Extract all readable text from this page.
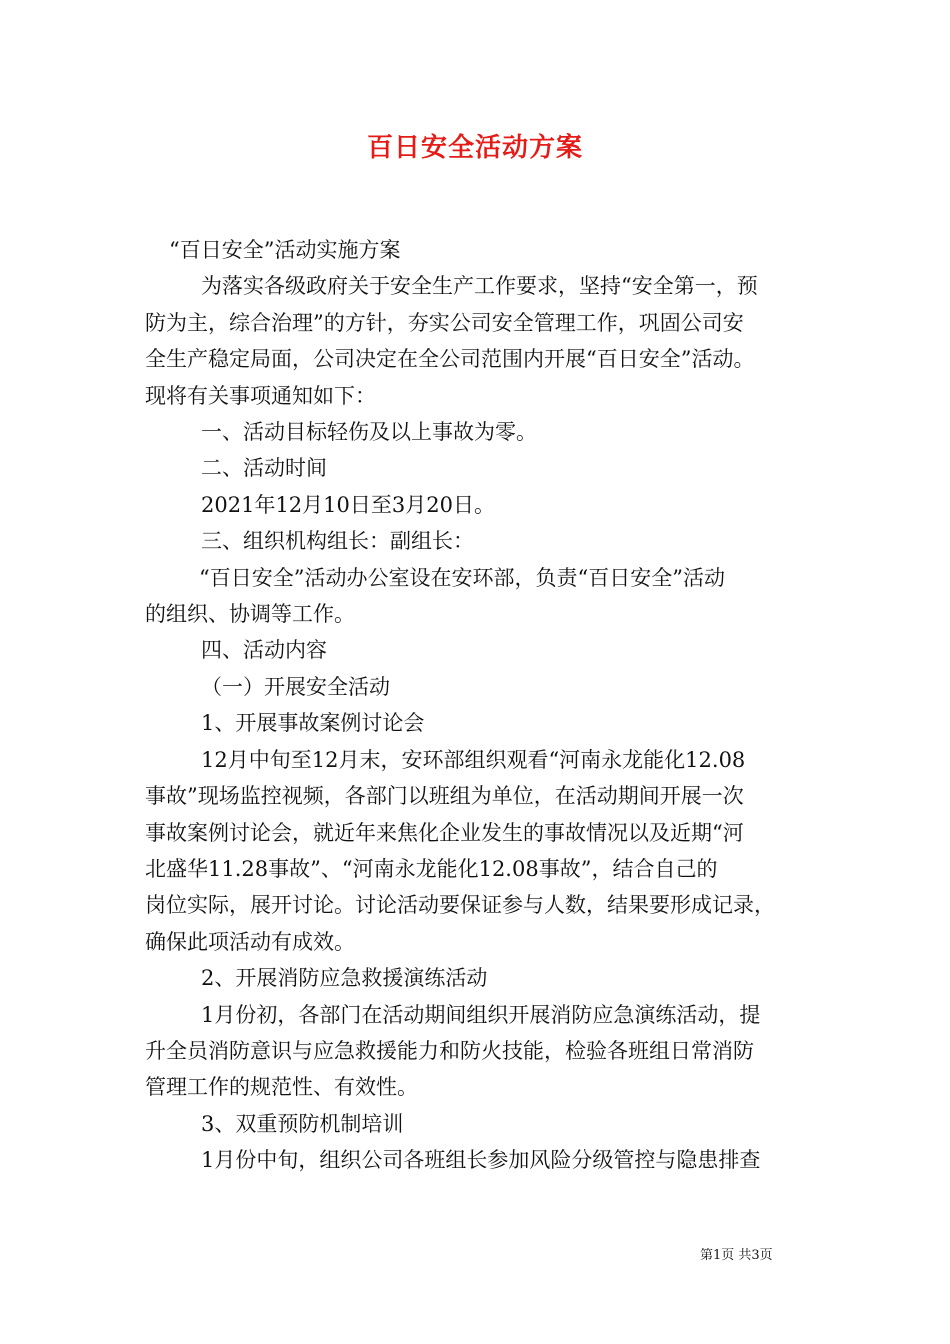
百日安全活动方案

“百日安全”活动实施方案

为落实各级政府关于安全生产工作要求，坚持“安全第一，预

防为主，综合治理”的方针，夯实公司安全管理工作，巩固公司安

全生产稳定局面，公司决定在全公司范围内开展“百日安全”活动。

现将有关事项通知如下：

一、活动目标轻伤及以上事故为零。

二、活动时间

2021年12月10日至3月20日。

三、组织机构组长：副组长：

“百日安全”活动办公室设在安环部，负责“百日安全”活动

的组织、协调等工作。

四、活动内容

（一）开展安全活动

1、开展事故案例讨论会

12月中旬至12月末，安环部组织观看“河南永龙能化12.08

事故”现场监控视频，各部门以班组为单位，在活动期间开展一次

事故案例讨论会，就近年来焦化企业发生的事故情况以及近期“河

北盛华11.28事故”、“河南永龙能化12.08事故”，结合自己的

岗位实际，展开讨论。讨论活动要保证参与人数，结果要形成记录，

确保此项活动有成效。

2、开展消防应急救援演练活动

1月份初，各部门在活动期间组织开展消防应急演练活动，提

升全员消防意识与应急救援能力和防火技能，检验各班组日常消防

管理工作的规范性、有效性。

3、双重预防机制培训

1月份中旬，组织公司各班组长参加风险分级管控与隐患排查

第1页 共3页
